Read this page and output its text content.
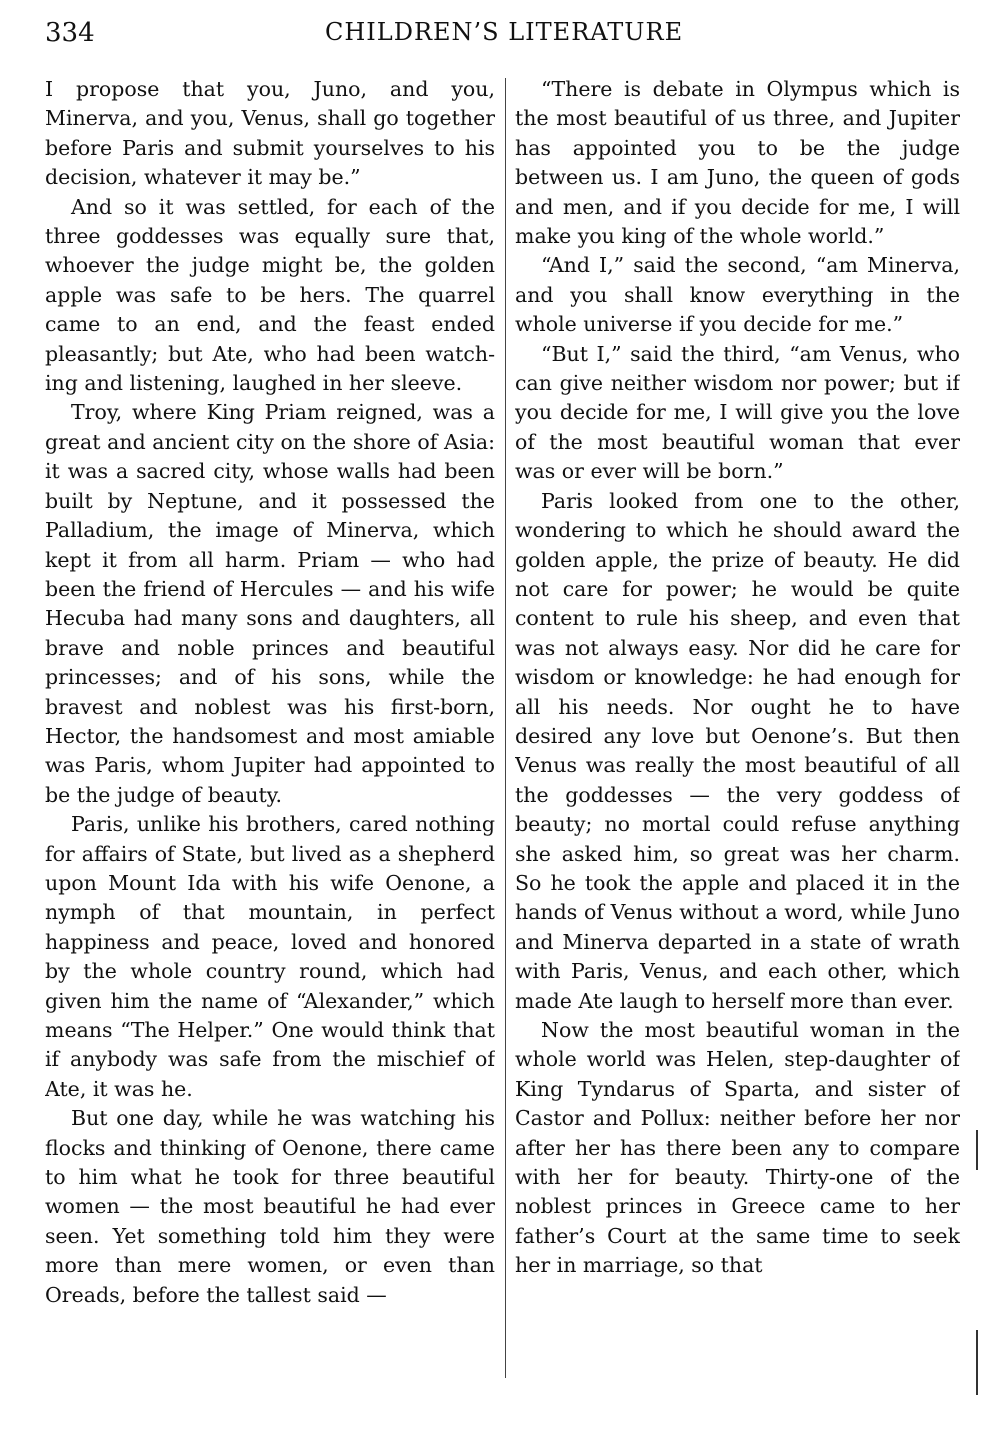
334	CHILDREN’S LITERATURE

I propose that you, Juno, and you, Minerva, and you, Venus, shall go together before Paris and submit yourselves to his decision, whatever it may be.”

And so it was settled, for each of the three goddesses was equally sure that, whoever the judge might be, the golden apple was safe to be hers. The quarrel came to an end, and the feast ended pleasantly; but Ate, who had been watching and listening, laughed in her sleeve.

Troy, where King Priam reigned, was a great and ancient city on the shore of Asia: it was a sacred city, whose walls had been built by Neptune, and it possessed the Palladium, the image of Minerva, which kept it from all harm. Priam — who had been the friend of Hercules — and his wife Hecuba had many sons and daughters, all brave and noble princes and beautiful princesses; and of his sons, while the bravest and noblest was his first-born, Hector, the handsomest and most amiable was Paris, whom Jupiter had appointed to be the judge of beauty.

Paris, unlike his brothers, cared nothing for affairs of State, but lived as a shepherd upon Mount Ida with his wife Oenone, a nymph of that mountain, in perfect happiness and peace, loved and honored by the whole country round, which had given him the name of “Alexander,” which means “The Helper.” One would think that if anybody was safe from the mischief of Ate, it was he.

But one day, while he was watching his flocks and thinking of Oenone, there came to him what he took for three beautiful women — the most beautiful he had ever seen. Yet something told him they were more than mere women, or even than Oreads, before the tallest said —

“There is debate in Olympus which is the most beautiful of us three, and Jupiter has appointed you to be the judge between us. I am Juno, the queen of gods and men, and if you decide for me, I will make you king of the whole world.”

“And I,” said the second, “am Minerva, and you shall know everything in the whole universe if you decide for me.”

“But I,” said the third, “am Venus, who can give neither wisdom nor power; but if you decide for me, I will give you the love of the most beautiful woman that ever was or ever will be born.”

Paris looked from one to the other, wondering to which he should award the golden apple, the prize of beauty. He did not care for power; he would be quite content to rule his sheep, and even that was not always easy. Nor did he care for wisdom or knowledge: he had enough for all his needs. Nor ought he to have desired any love but Oenone’s. But then Venus was really the most beautiful of all the goddesses — the very goddess of beauty; no mortal could refuse anything she asked him, so great was her charm. So he took the apple and placed it in the hands of Venus without a word, while Juno and Minerva departed in a state of wrath with Paris, Venus, and each other, which made Ate laugh to herself more than ever.

Now the most beautiful woman in the whole world was Helen, step-daughter of King Tyndarus of Sparta, and sister of Castor and Pollux: neither before her nor after her has there been any to compare with her for beauty. Thirty-one of the noblest princes in Greece came to her father’s Court at the same time to seek her in marriage, so that
